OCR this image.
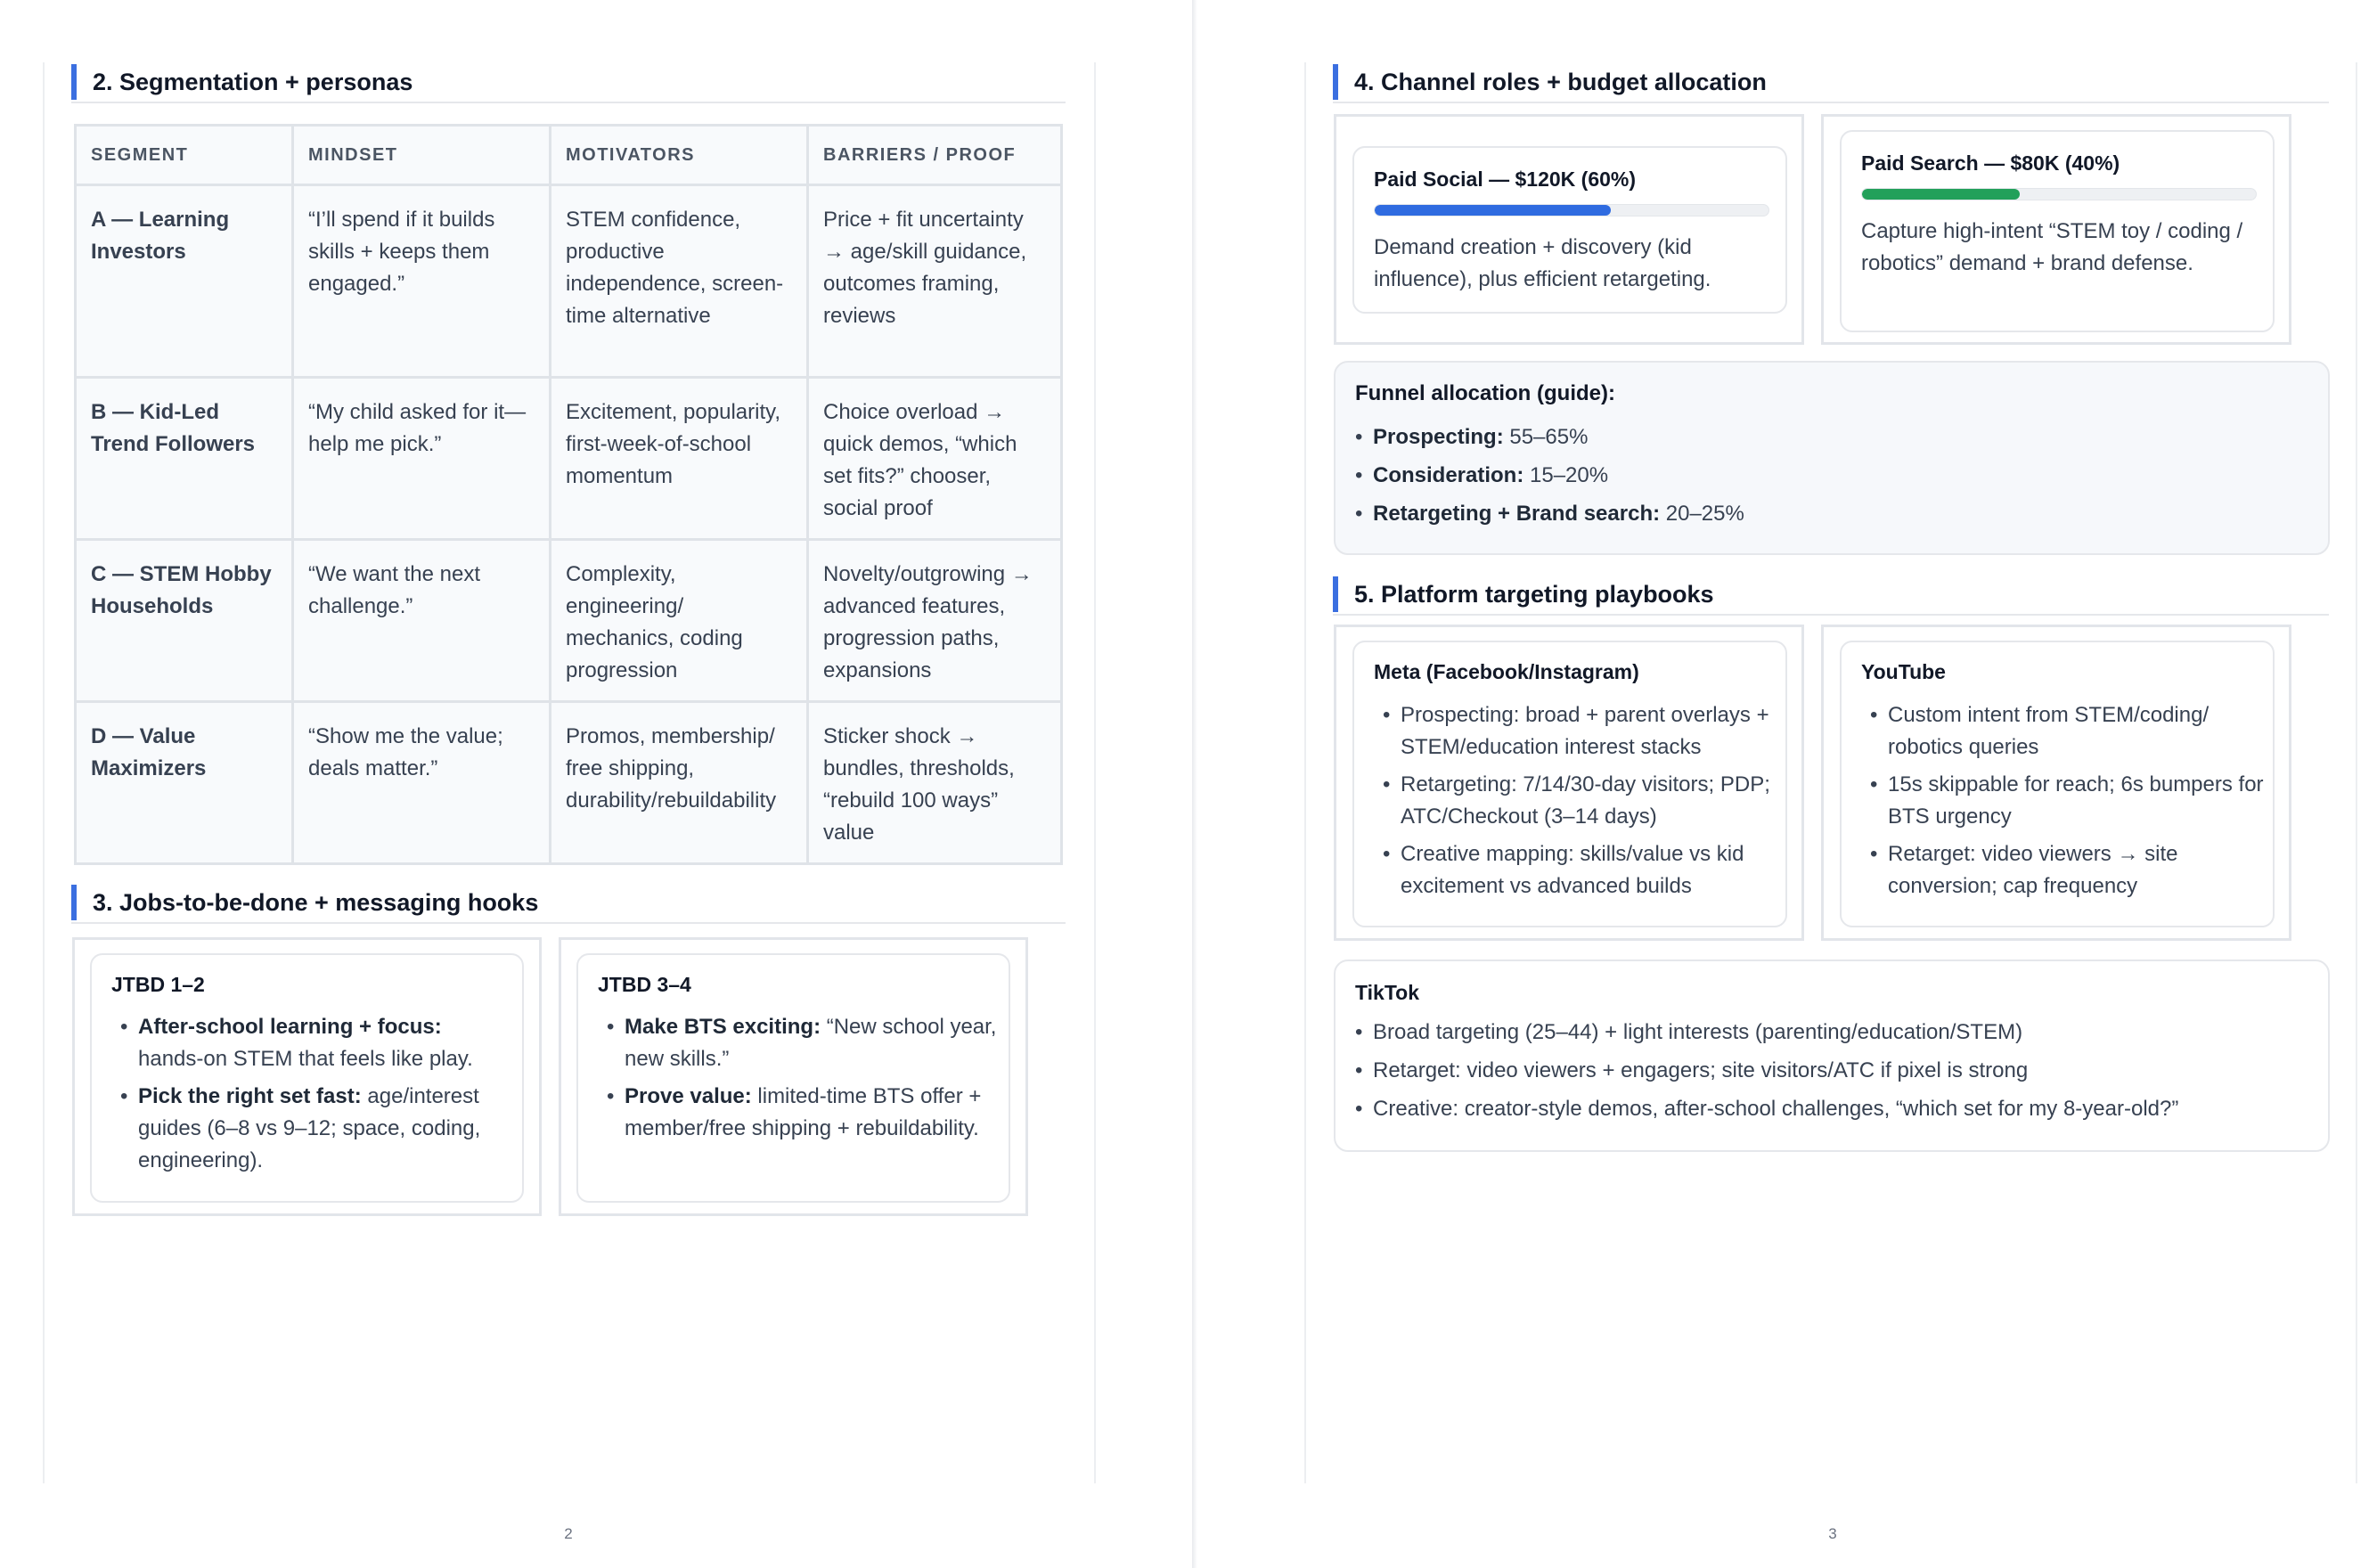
2. Segmentation + personas
SEGMENT	MINDSET	MOTIVATORS	BARRIERS / PROOF
A — Learning Investors	“I’ll spend if it builds skills + keeps them engaged.”	STEM confidence, productive independence, screen-time alternative	Price + fit uncertainty → age/skill guidance, outcomes framing, reviews
B — Kid-Led Trend Followers	“My child asked for it—help me pick.”	Excitement, popularity, first-week-of-school momentum	Choice overload → quick demos, “which set fits?” chooser, social proof
C — STEM Hobby Households	“We want the next challenge.”	Complexity, engineering/ mechanics, coding progression	Novelty/outgrowing → advanced features, progression paths, expansions
D — Value Maximizers	“Show me the value; deals matter.”	Promos, membership/ free shipping, durability/rebuildability	Sticker shock → bundles, thresholds, “rebuild 100 ways” value
3. Jobs-to-be-done + messaging hooks
JTBD 1–2
• After-school learning + focus: hands-on STEM that feels like play.
• Pick the right set fast: age/interest guides (6–8 vs 9–12; space, coding, engineering).
JTBD 3–4
• Make BTS exciting: “New school year, new skills.”
• Prove value: limited-time BTS offer + member/free shipping + rebuildability.
2
4. Channel roles + budget allocation
Paid Social — $120K (60%)
Demand creation + discovery (kid influence), plus efficient retargeting.
Paid Search — $80K (40%)
Capture high-intent “STEM toy / coding / robotics” demand + brand defense.
Funnel allocation (guide):
• Prospecting: 55–65%
• Consideration: 15–20%
• Retargeting + Brand search: 20–25%
5. Platform targeting playbooks
Meta (Facebook/Instagram)
• Prospecting: broad + parent overlays + STEM/education interest stacks
• Retargeting: 7/14/30-day visitors; PDP; ATC/Checkout (3–14 days)
• Creative mapping: skills/value vs kid excitement vs advanced builds
YouTube
• Custom intent from STEM/coding/ robotics queries
• 15s skippable for reach; 6s bumpers for BTS urgency
• Retarget: video viewers → site conversion; cap frequency
TikTok
• Broad targeting (25–44) + light interests (parenting/education/STEM)
• Retarget: video viewers + engagers; site visitors/ATC if pixel is strong
• Creative: creator-style demos, after-school challenges, “which set for my 8-year-old?”
3
